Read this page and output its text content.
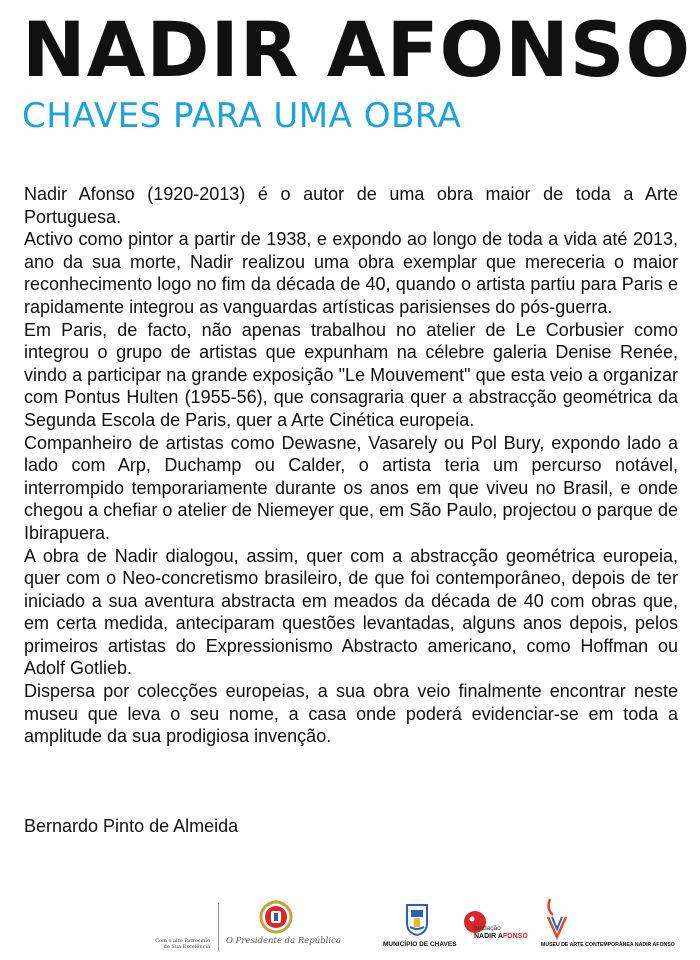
NADIR AFONSO
CHAVES PARA UMA OBRA

Nadir Afonso (1920-2013) é o autor de uma obra maior de toda a Arte Portuguesa.

Activo como pintor a partir de 1938, e expondo ao longo de toda a vida até 2013, ano da sua morte, Nadir realizou uma obra exemplar que mereceria o maior reconhecimento logo no fim da década de 40, quando o artista partiu para Paris e rapidamente integrou as vanguardas artísticas parisienses do pós-guerra.

Em Paris, de facto, não apenas trabalhou no atelier de Le Corbusier como integrou o grupo de artistas que expunham na célebre galeria Denise Renée, vindo a participar na grande exposição "Le Mouvement" que esta veio a organizar com Pontus Hulten (1955-56), que consagraria quer a abstracção geométrica da Segunda Escola de Paris, quer a Arte Cinética europeia.

Companheiro de artistas como Dewasne, Vasarely ou Pol Bury, expondo lado a lado com Arp, Duchamp ou Calder, o artista teria um percurso notável, interrompido temporariamente durante os anos em que viveu no Brasil, e onde chegou a chefiar o atelier de Niemeyer que, em São Paulo, projectou o parque de Ibirapuera.

A obra de Nadir dialogou, assim, quer com a abstracção geométrica europeia, quer com o Neo-concretismo brasileiro, de que foi contemporâneo, depois de ter iniciado a sua aventura abstracta em meados da década de 40 com obras que, em certa medida, anteciparam questões levantadas, alguns anos depois, pelos primeiros artistas do Expressionismo Abstracto americano, como Hoffman ou Adolf Gotlieb.

Dispersa por colecções europeias, a sua obra veio finalmente encontrar neste museu que leva o seu nome, a casa onde poderá evidenciar-se em toda a amplitude da sua prodigiosa invenção.

Bernardo Pinto de Almeida
Com o alto Patrocínio de Sua Excelência
O Presidente da República	MUNICÍPIO DE CHAVES
fundação
NADIR AFONSO
MUSEU DE ARTE CONTEMPORÂNEA NADIR AFONSO
